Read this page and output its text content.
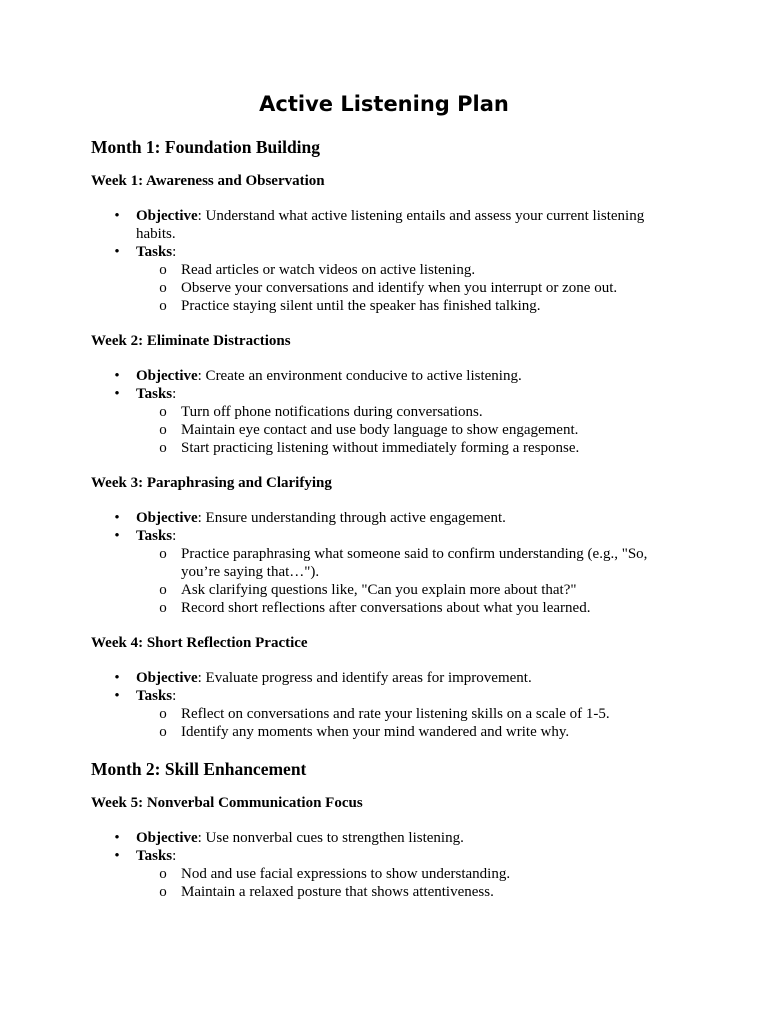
Active Listening Plan
Month 1: Foundation Building
Week 1: Awareness and Observation
• Objective: Understand what active listening entails and assess your current listening habits.
• Tasks:
o Read articles or watch videos on active listening.
o Observe your conversations and identify when you interrupt or zone out.
o Practice staying silent until the speaker has finished talking.
Week 2: Eliminate Distractions
• Objective: Create an environment conducive to active listening.
• Tasks:
o Turn off phone notifications during conversations.
o Maintain eye contact and use body language to show engagement.
o Start practicing listening without immediately forming a response.
Week 3: Paraphrasing and Clarifying
• Objective: Ensure understanding through active engagement.
• Tasks:
o Practice paraphrasing what someone said to confirm understanding (e.g., "So, you’re saying that…").
o Ask clarifying questions like, "Can you explain more about that?"
o Record short reflections after conversations about what you learned.
Week 4: Short Reflection Practice
• Objective: Evaluate progress and identify areas for improvement.
• Tasks:
o Reflect on conversations and rate your listening skills on a scale of 1-5.
o Identify any moments when your mind wandered and write why.
Month 2: Skill Enhancement
Week 5: Nonverbal Communication Focus
• Objective: Use nonverbal cues to strengthen listening.
• Tasks:
o Nod and use facial expressions to show understanding.
o Maintain a relaxed posture that shows attentiveness.
